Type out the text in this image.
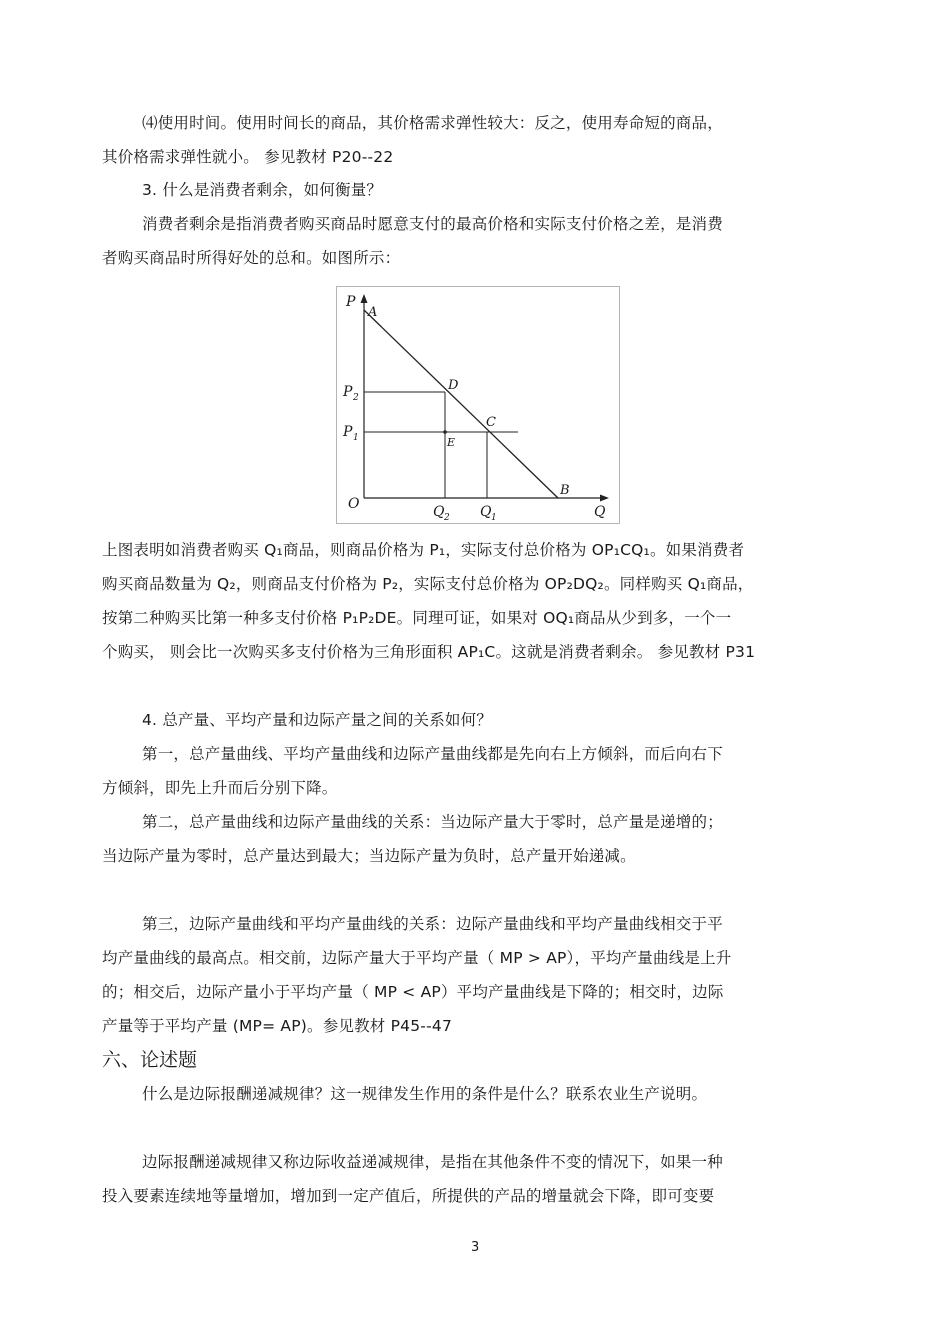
⑷使用时间。使用时间长的商品，其价格需求弹性较大：反之，使用寿命短的商品，
其价格需求弹性就小。 参见教材 P20--22
3. 什么是消费者剩余，如何衡量？
消费者剩余是指消费者购买商品时愿意支付的最高价格和实际支付价格之差，是消费
者购买商品时所得好处的总和。如图所示：
P
A
P 2
D
P 1
C
E
O	Q 2 Q 1
B
Q
上图表明如消费者购买 Q₁商品，则商品价格为 P₁，实际支付总价格为 OP₁CQ₁。如果消费者
购买商品数量为 Q₂，则商品支付价格为 P₂，实际支付总价格为 OP₂DQ₂。同样购买 Q₁商品，
按第二种购买比第一种多支付价格 P₁P₂DE。同理可证，如果对 OQ₁商品从少到多，一个一
个购买， 则会比一次购买多支付价格为三角形面积 AP₁C。这就是消费者剩余。 参见教材 P31
4. 总产量、平均产量和边际产量之间的关系如何？
第一，总产量曲线、平均产量曲线和边际产量曲线都是先向右上方倾斜，而后向右下
方倾斜，即先上升而后分别下降。
第二，总产量曲线和边际产量曲线的关系：当边际产量大于零时，总产量是递增的；
当边际产量为零时，总产量达到最大；当边际产量为负时，总产量开始递减。
第三，边际产量曲线和平均产量曲线的关系：边际产量曲线和平均产量曲线相交于平
均产量曲线的最高点。相交前，边际产量大于平均产量（ MP > AP），平均产量曲线是上升
的；相交后，边际产量小于平均产量（ MP < AP）平均产量曲线是下降的；相交时，边际
产量等于平均产量 (MP= AP)。参见教材 P45--47
六、论述题
什么是边际报酬递减规律？这一规律发生作用的条件是什么？联系农业生产说明。
边际报酬递减规律又称边际收益递减规律，是指在其他条件不变的情况下，如果一种
投入要素连续地等量增加，增加到一定产值后，所提供的产品的增量就会下降，即可变要
3
